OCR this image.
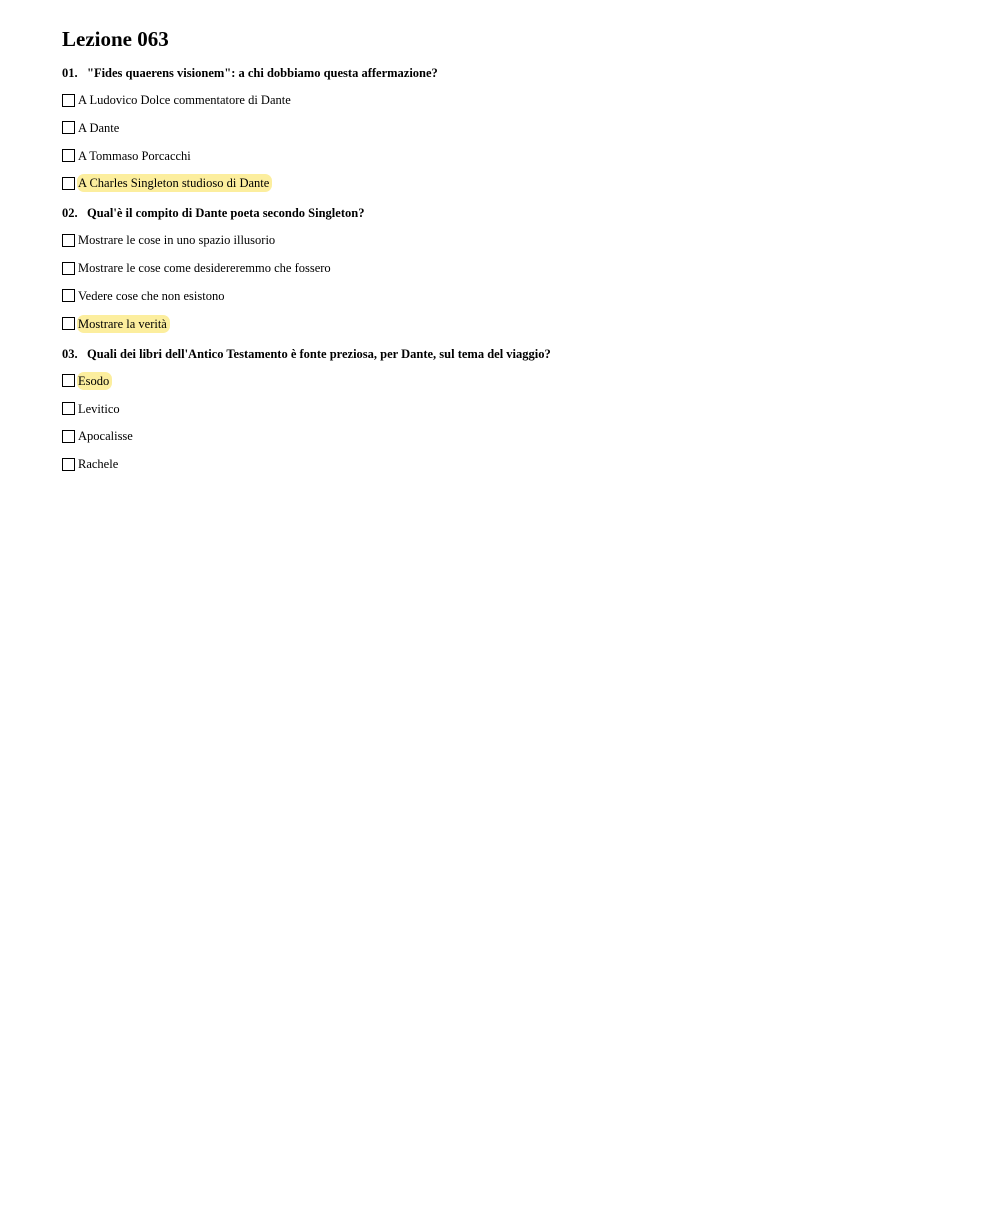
Lezione 063
01. "Fides quaerens visionem": a chi dobbiamo questa affermazione?
A Ludovico Dolce commentatore di Dante
A Dante
A Tommaso Porcacchi
A Charles Singleton studioso di Dante
02. Qual'è il compito di Dante poeta secondo Singleton?
Mostrare le cose in uno spazio illusorio
Mostrare le cose come desidereremmo che fossero
Vedere cose che non esistono
Mostrare la verità
03. Quali dei libri dell'Antico Testamento è fonte preziosa, per Dante, sul tema del viaggio?
Esodo
Levitico
Apocalisse
Rachele
